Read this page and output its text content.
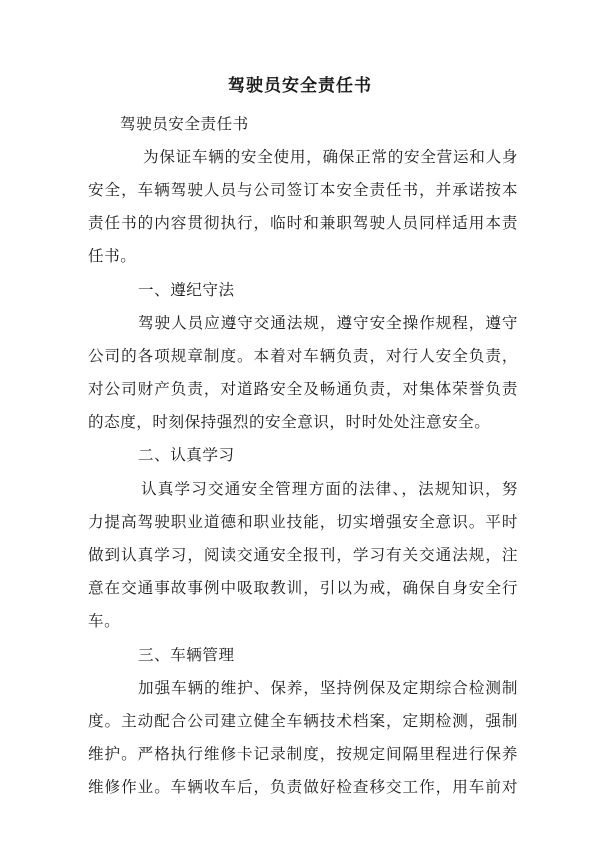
驾驶员安全责任书
驾驶员安全责任书
为保证车辆的安全使用，确保正常的安全营运和人身
安全，车辆驾驶人员与公司签订本安全责任书，并承诺按本
责任书的内容贯彻执行，临时和兼职驾驶人员同样适用本责
任书。
一、遵纪守法
驾驶人员应遵守交通法规，遵守安全操作规程，遵守
公司的各项规章制度。本着对车辆负责，对行人安全负责，
对公司财产负责，对道路安全及畅通负责，对集体荣誉负责
的态度，时刻保持强烈的安全意识，时时处处注意安全。
二、认真学习
认真学习交通安全管理方面的法律、，法规知识，努
力提高驾驶职业道德和职业技能，切实增强安全意识。平时
做到认真学习，阅读交通安全报刊，学习有关交通法规，注
意在交通事故事例中吸取教训，引以为戒，确保自身安全行
车。
三、车辆管理
加强车辆的维护、保养，坚持例保及定期综合检测制
度。主动配合公司建立健全车辆技术档案，定期检测，强制
维护。严格执行维修卡记录制度，按规定间隔里程进行保养
维修作业。车辆收车后，负责做好检查移交工作，用车前对
